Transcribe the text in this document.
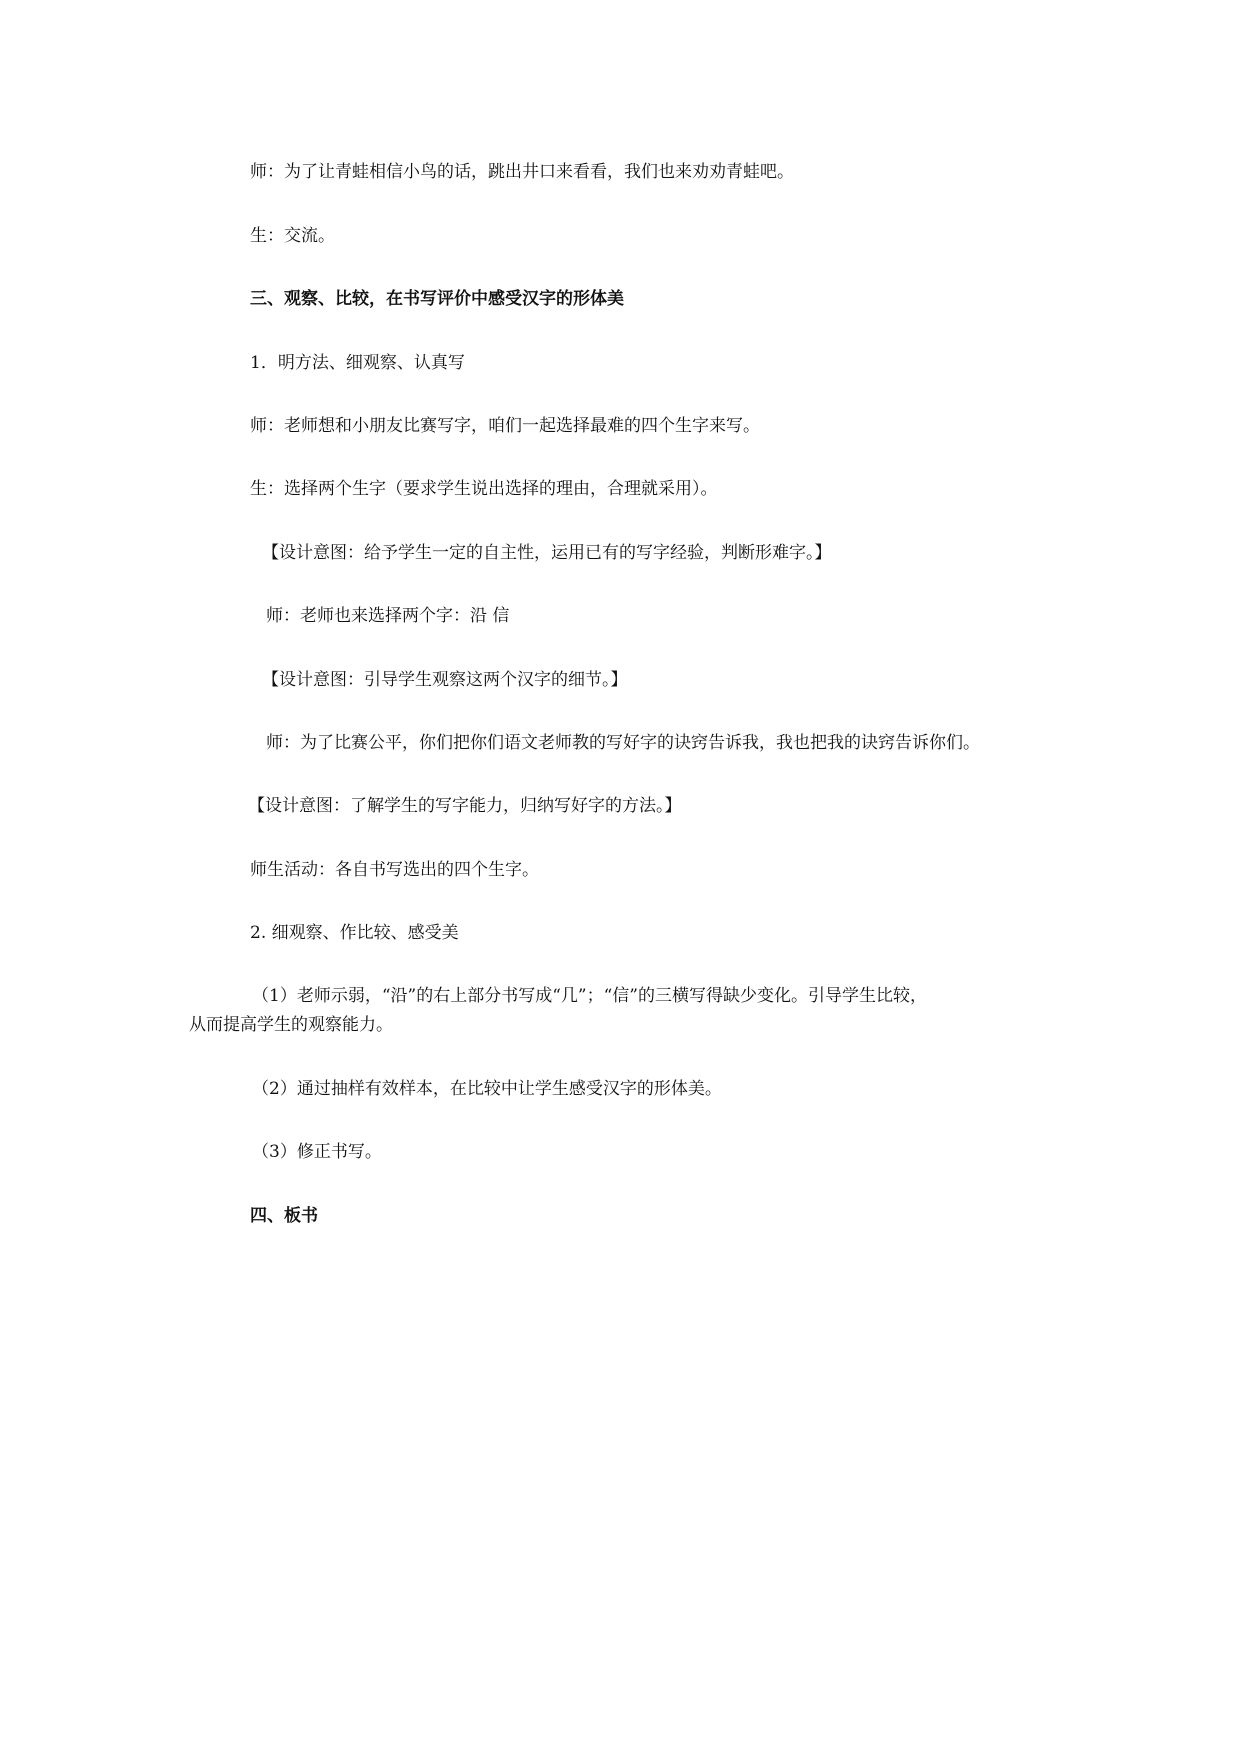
师：为了让青蛙相信小鸟的话，跳出井口来看看，我们也来劝劝青蛙吧。

生：交流。

三、观察、比较，在书写评价中感受汉字的形体美

1．明方法、细观察、认真写

师：老师想和小朋友比赛写字，咱们一起选择最难的四个生字来写。

生：选择两个生字（要求学生说出选择的理由，合理就采用）。

【设计意图：给予学生一定的自主性，运用已有的写字经验，判断形难字。】

师：老师也来选择两个字：沿 信

【设计意图：引导学生观察这两个汉字的细节。】

师：为了比赛公平，你们把你们语文老师教的写好字的诀窍告诉我，我也把我的诀窍告诉你们。

【设计意图：了解学生的写字能力，归纳写好字的方法。】

师生活动：各自书写选出的四个生字。

2. 细观察、作比较、感受美

（1）老师示弱，“沿”的右上部分书写成“几”；“信”的三横写得缺少变化。引导学生比较，

从而提高学生的观察能力。

（2）通过抽样有效样本，在比较中让学生感受汉字的形体美。

（3）修正书写。

四、板书
